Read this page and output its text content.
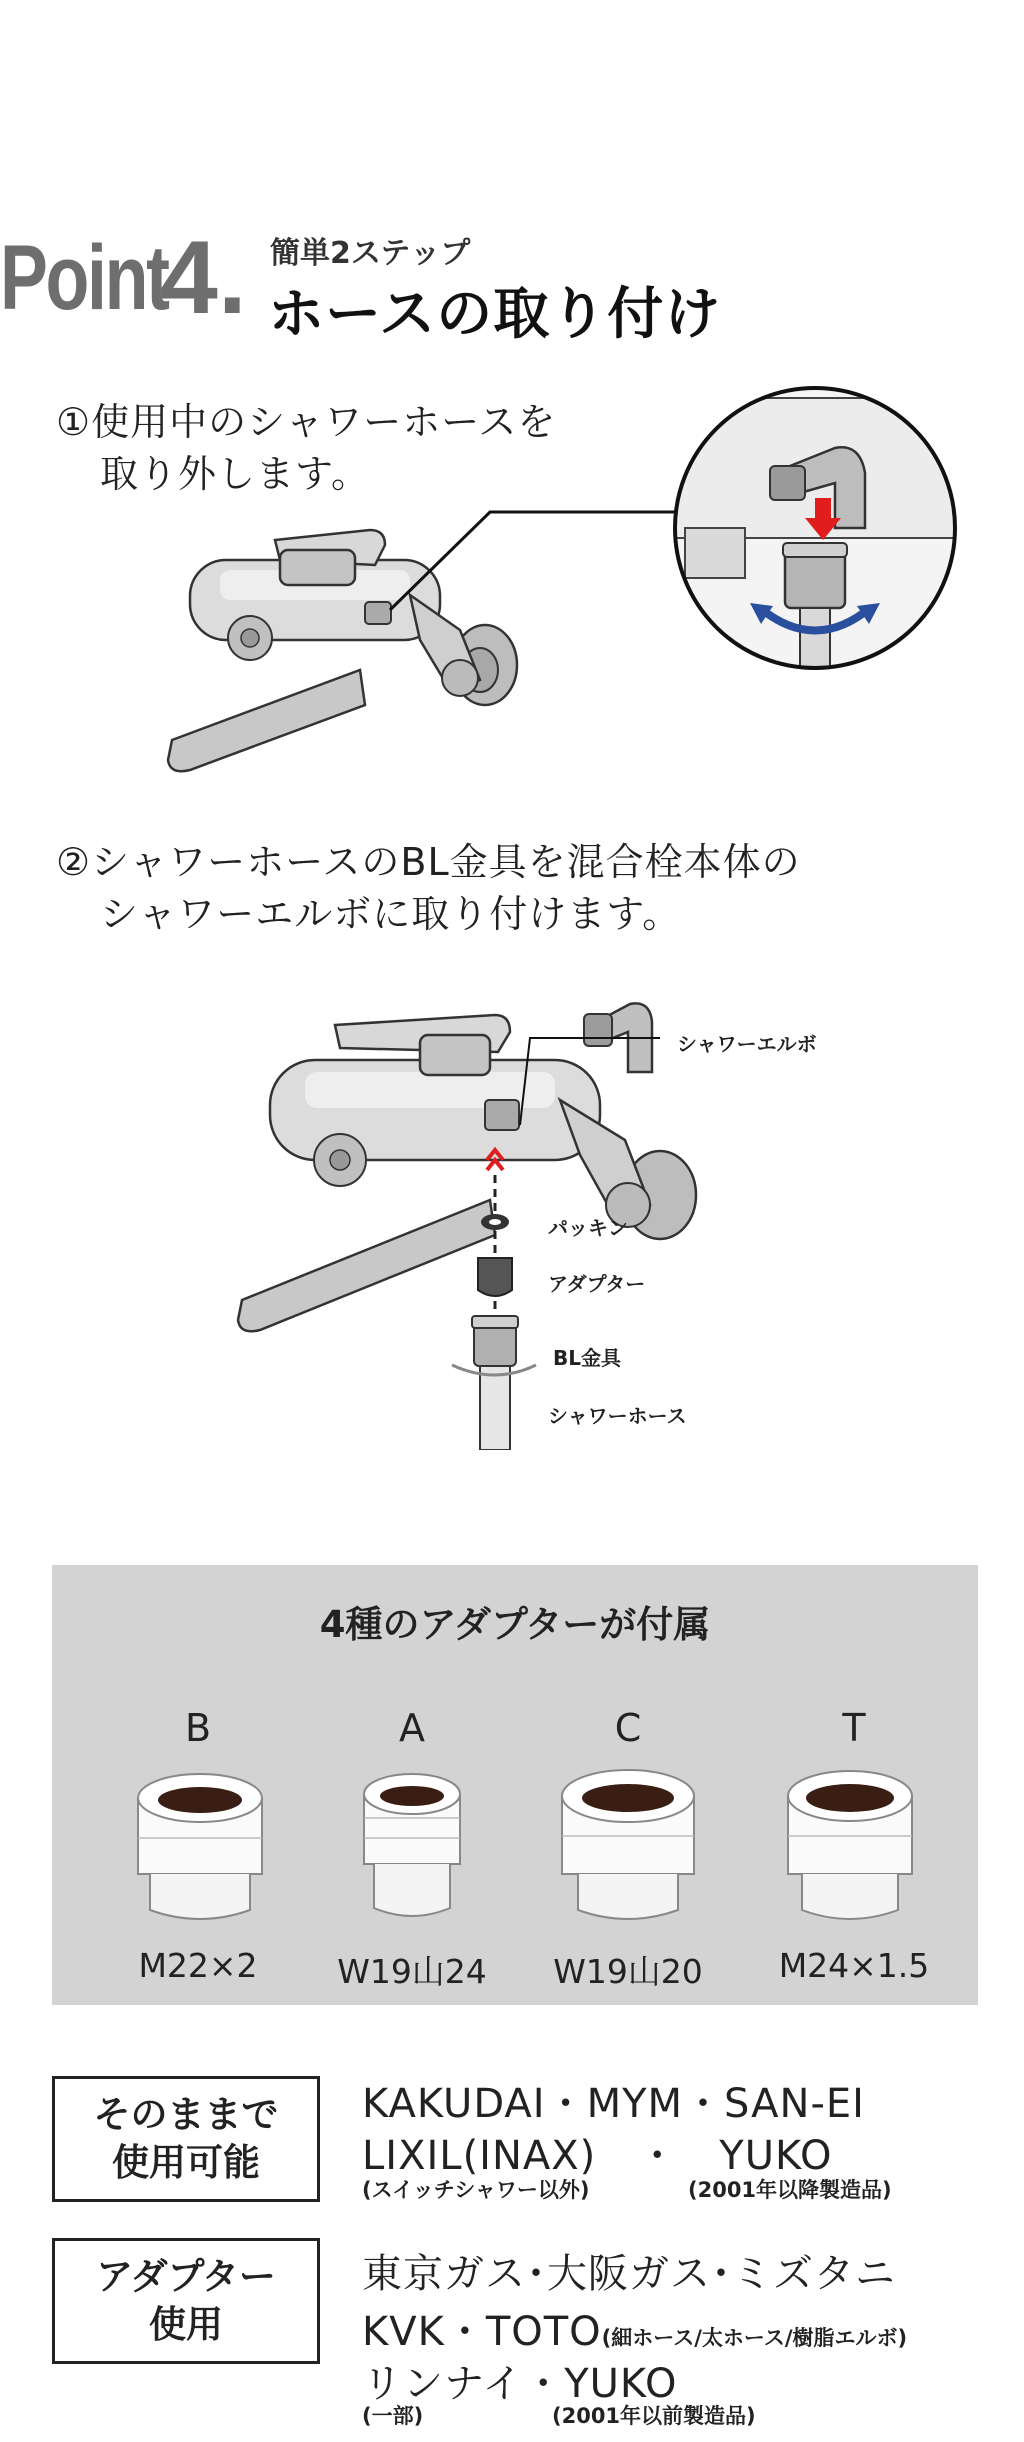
Point
4. 簡単2ステップ
ホースの取り付け
①使用中のシャワーホースを
取り外します。
②シャワーホースのBL金具を混合栓本体の
シャワーエルボに取り付けます。
シャワーエルボ
パッキン
アダプター
BL金具
シャワーホース
4種のアダプターが付属
B	A	C	T
M22×2	W19山24	W19山20	M24×1.5
そのままで
使用可能
KAKUDAI・MYM・SAN-EI
LIXIL(INAX)　・　YUKO
(スイッチシャワー以外)	(2001年以降製造品)
アダプター
使用
東京ガス･大阪ガス･ミズタニ
KVK・TOTO(細ホース/太ホース/樹脂エルボ)
リンナイ・YUKO
(一部)	(2001年以前製造品)
